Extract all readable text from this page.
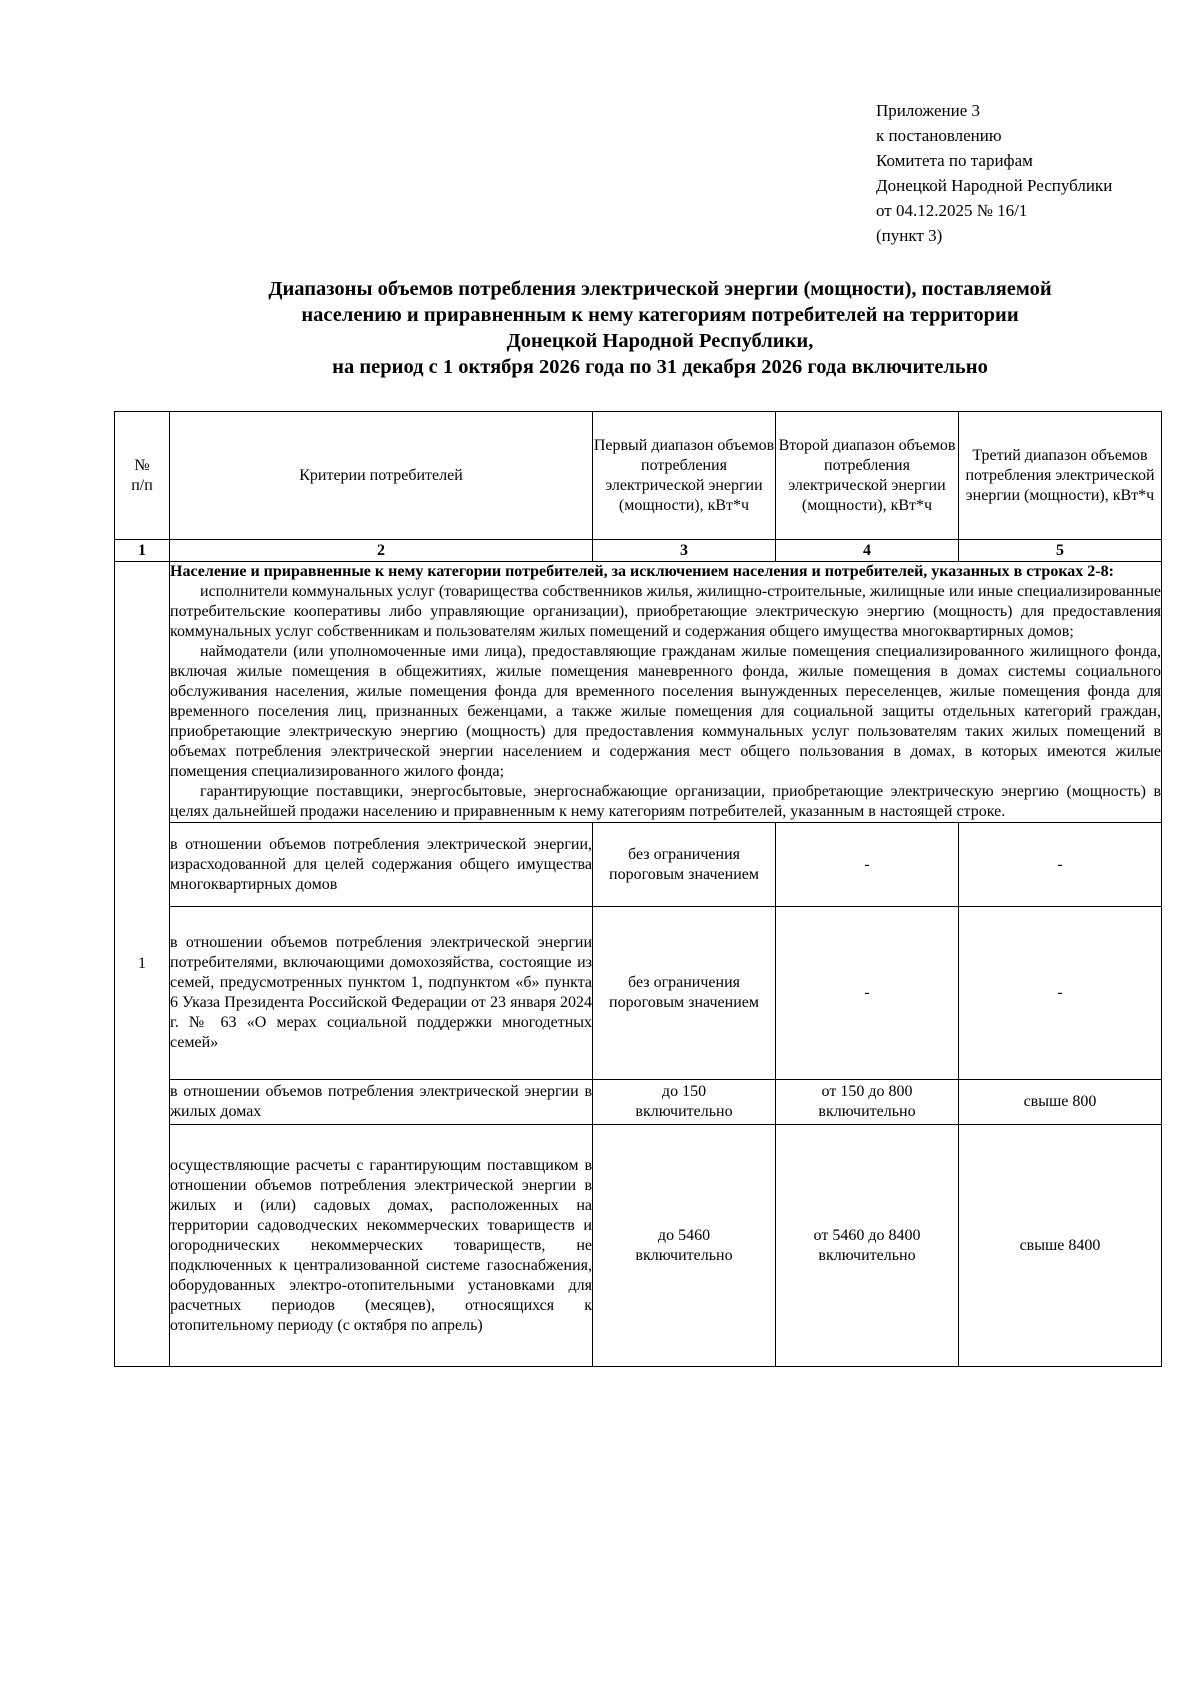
Приложение 3
к постановлению
Комитета по тарифам
Донецкой Народной Республики
от 04.12.2025 № 16/1
(пункт 3)
Диапазоны объемов потребления электрической энергии (мощности), поставляемой
населению и приравненным к нему категориям потребителей на территории
Донецкой Народной Республики,
на период с 1 октября 2026 года по 31 декабря 2026 года включительно
№
п/п	Критерии потребителей	Первый диапазон объемов потребления электрической энергии (мощности), кВт*ч	Второй диапазон объемов потребления электрической энергии (мощности), кВт*ч	Третий диапазон объемов потребления электрической энергии (мощности), кВт*ч
1	2	3	4	5
1	Население и приравненные к нему категории потребителей, за исключением населения и потребителей, указанных в строках 2-8:

исполнители коммунальных услуг (товарищества собственников жилья, жилищно-строительные, жилищные или иные специализированные потребительские кооперативы либо управляющие организации), приобретающие электрическую энергию (мощность) для предоставления коммунальных услуг собственникам и пользователям жилых помещений и содержания общего имущества многоквартирных домов;

наймодатели (или уполномоченные ими лица), предоставляющие гражданам жилые помещения специализированного жилищного фонда, включая жилые помещения в общежитиях, жилые помещения маневренного фонда, жилые помещения в домах системы социального обслуживания населения, жилые помещения фонда для временного поселения вынужденных переселенцев, жилые помещения фонда для временного поселения лиц, признанных беженцами, а также жилые помещения для социальной защиты отдельных категорий граждан, приобретающие электрическую энергию (мощность) для предоставления коммунальных услуг пользователям таких жилых помещений в объемах потребления электрической энергии населением и содержания мест общего пользования в домах, в которых имеются жилые помещения специализированного жилого фонда;

гарантирующие поставщики, энергосбытовые, энергоснабжающие организации, приобретающие электрическую энергию (мощность) в целях дальнейшей продажи населению и приравненным к нему категориям потребителей, указанным в настоящей строке.			

	в отношении объемов потребления электрической энергии, израсходованной для целей содержания общего имущества многоквартирных домов	без ограничения пороговым значением	-	-
	в отношении объемов потребления электрической энергии потребителями, включающими домохозяйства, состоящие из семей, предусмотренных пунктом 1, подпунктом «б» пункта 6 Указа Президента Российской Федерации от 23 января 2024 г. № 63 «О мерах социальной поддержки многодетных семей»	без ограничения пороговым значением	-	-
	в отношении объемов потребления электрической энергии в жилых домах	до 150
включительно	от 150 до 800
включительно	свыше 800
	осуществляющие расчеты с гарантирующим поставщиком в отношении объемов потребления электрической энергии в жилых и (или) садовых домах, расположенных на территории садоводческих некоммерческих товариществ и огороднических некоммерческих товариществ, не подключенных к централизованной системе газоснабжения, оборудованных электро-отопительными установками для расчетных периодов (месяцев), относящихся к отопительному периоду (с октября по апрель)	до 5460
включительно	от 5460 до 8400
включительно	свыше 8400
